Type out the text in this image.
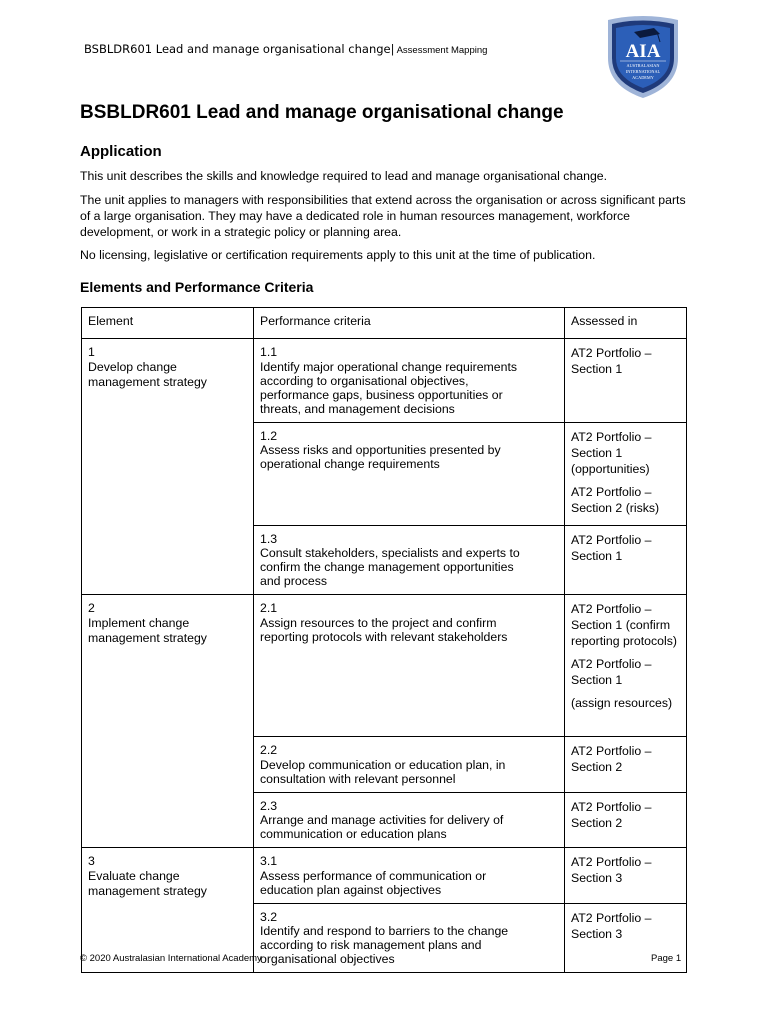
BSBLDR601 Lead and manage organisational change| Assessment Mapping	AIA
AUSTRALASIAN
INTERNATIONAL
ACADEMY
BSBLDR601 Lead and manage organisational change
Application
This unit describes the skills and knowledge required to lead and manage organisational change.
The unit applies to managers with responsibilities that extend across the organisation or across significant parts of a large organisation. They may have a dedicated role in human resources management, workforce development, or work in a strategic policy or planning area.
No licensing, legislative or certification requirements apply to this unit at the time of publication.
Elements and Performance Criteria
Element	Performance criteria	Assessed in
1Develop change management strategy	1.1Identify major operational change requirements according to organisational objectives, performance gaps, business opportunities or threats, and management decisions	AT2 Portfolio – Section 1

	1.2Assess risks and opportunities presented by operational change requirements	AT2 Portfolio – Section 1 (opportunities)

AT2 Portfolio – Section 2 (risks)

	1.3Consult stakeholders, specialists and experts to confirm the change management opportunities and process	AT2 Portfolio – Section 1

2Implement change management strategy	2.1Assign resources to the project and confirm reporting protocols with relevant stakeholders	AT2 Portfolio – Section 1 (confirm reporting protocols)

AT2 Portfolio – Section 1

(assign resources)

	2.2Develop communication or education plan, in consultation with relevant personnel	AT2 Portfolio – Section 2

	2.3Arrange and manage activities for delivery of communication or education plans	AT2 Portfolio – Section 2

3Evaluate change management strategy	3.1Assess performance of communication or education plan against objectives	AT2 Portfolio – Section 3

	3.2Identify and respond to barriers to the change according to risk management plans and organisational objectives	AT2 Portfolio – Section 3

© 2020 Australasian International Academy	Page 1
